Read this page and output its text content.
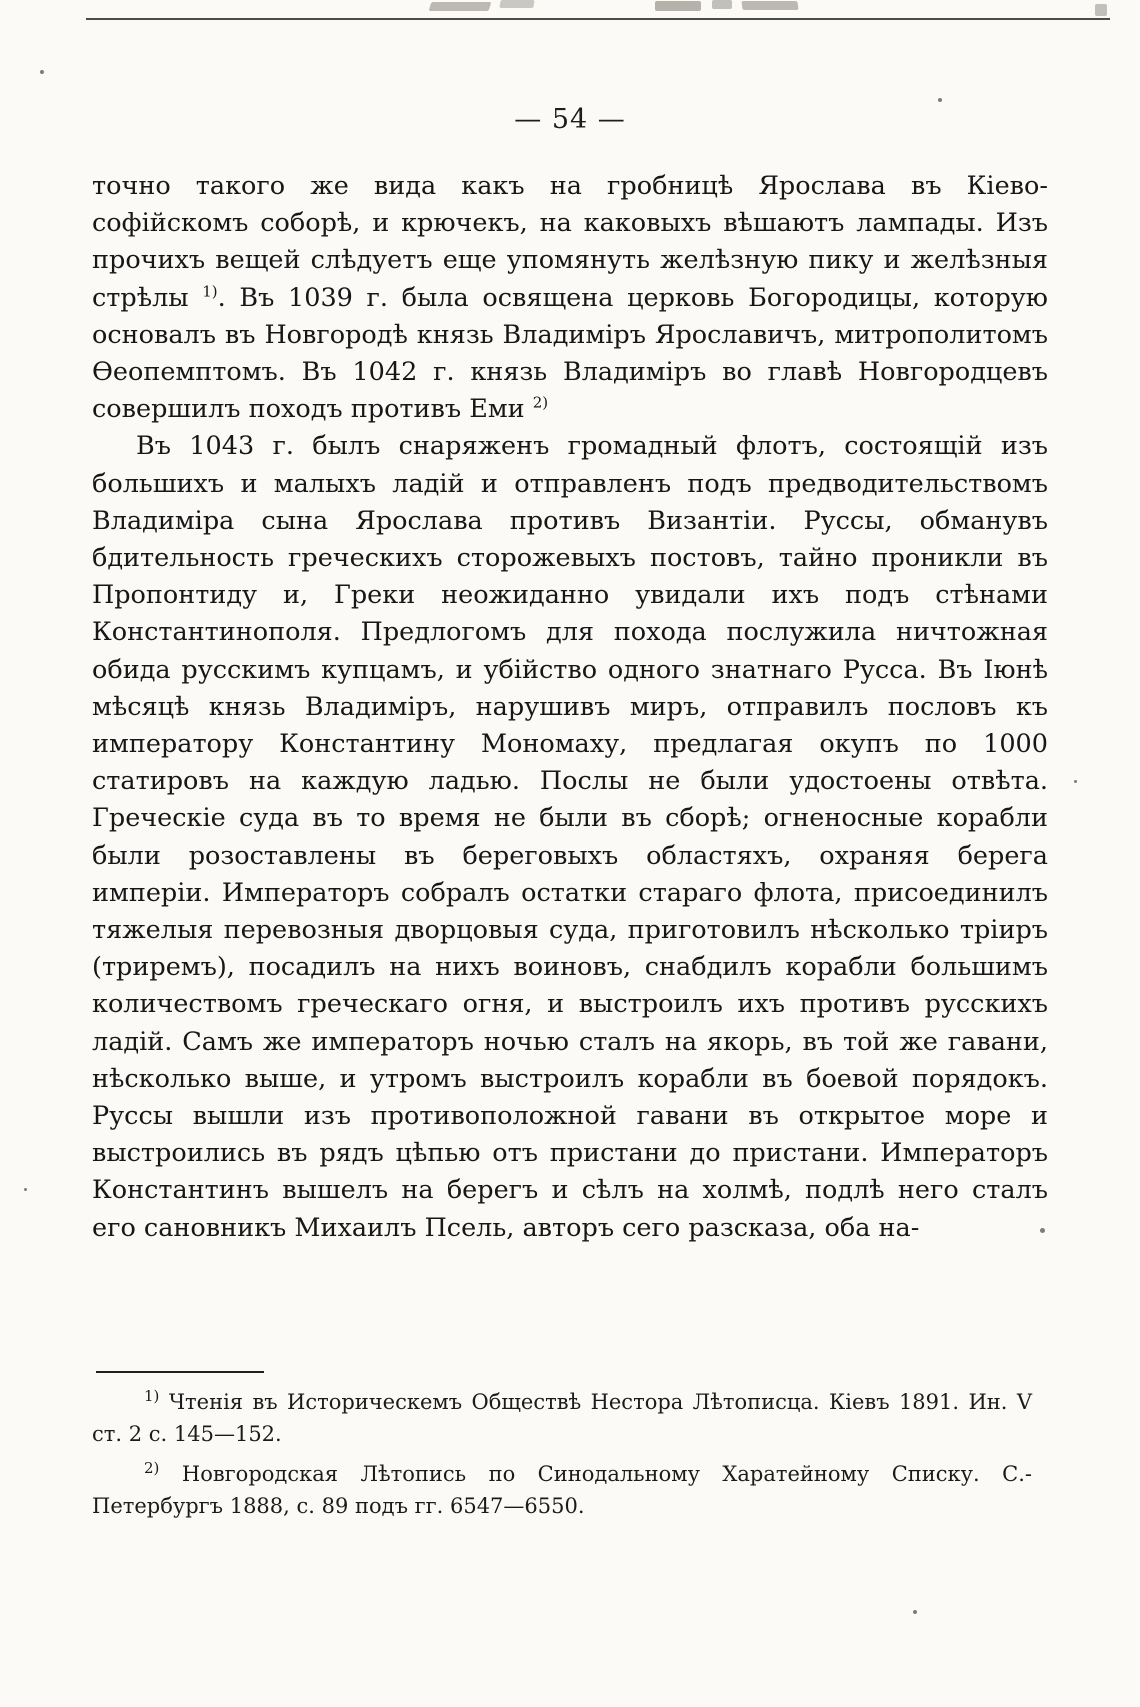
— 54 —

точно такого же вида какъ на гробницѣ Ярослава въ Кіево-софійскомъ соборѣ, и крючекъ, на каковыхъ вѣшаютъ лампады. Изъ прочихъ вещей слѣдуетъ еще упомянуть желѣзную пику и желѣзныя стрѣлы $^{1)}$. Въ 1039 г. была освящена церковь Богородицы, которую основалъ въ Новгородѣ князь Владиміръ Ярославичъ, митрополитомъ Ѳеопемптомъ. Въ 1042 г. князь Владиміръ во главѣ Новгородцевъ совершилъ походъ противъ Еми $^{2)}$

Въ 1043 г. былъ снаряженъ громадный флотъ, состоящій изъ большихъ и малыхъ ладій и отправленъ подъ предводительствомъ Владиміра сына Ярослава противъ Византіи. Руссы, обманувъ бдительность греческихъ сторожевыхъ постовъ, тайно проникли въ Пропонтиду и, Греки неожиданно увидали ихъ подъ стѣнами Константинополя. Предлогомъ для похода послужила ничтожная обида русскимъ купцамъ, и убійство одного знатнаго Русса. Въ Іюнѣ мѣсяцѣ князь Владиміръ, нарушивъ миръ, отправилъ пословъ къ императору Константину Мономаху, предлагая окупъ по 1000 статировъ на каждую ладью. Послы не были удостоены отвѣта. Греческіе суда въ то время не были въ сборѣ; огненосные корабли были розоставлены въ береговыхъ областяхъ, охраняя берега имперіи. Императоръ собралъ остатки стараго флота, присоединилъ тяжелыя перевозныя дворцовыя суда, приготовилъ нѣсколько тріиръ (триремъ), посадилъ на нихъ воиновъ, снабдилъ корабли большимъ количествомъ греческаго огня, и выстроилъ ихъ противъ русскихъ ладій. Самъ же императоръ ночью сталъ на якорь, въ той же гавани, нѣсколько выше, и утромъ выстроилъ корабли въ боевой порядокъ. Руссы вышли изъ противоположной гавани въ открытое море и выстроились въ рядъ цѣпью отъ пристани до пристани. Императоръ Константинъ вышелъ на берегъ и сѣлъ на холмѣ, подлѣ него сталъ его сановникъ Михаилъ Псель, авторъ сего разсказа, оба на-

$^{1)}$ Чтенія въ Историческемъ Обществѣ Нестора Лѣтописца. Кіевъ 1891. Ин. V ст. 2 с. 145—152.

$^{2)}$ Новгородская Лѣтопись по Синодальному Харатейному Списку. С.-Петербургъ 1888, с. 89 подъ гг. 6547—6550.
